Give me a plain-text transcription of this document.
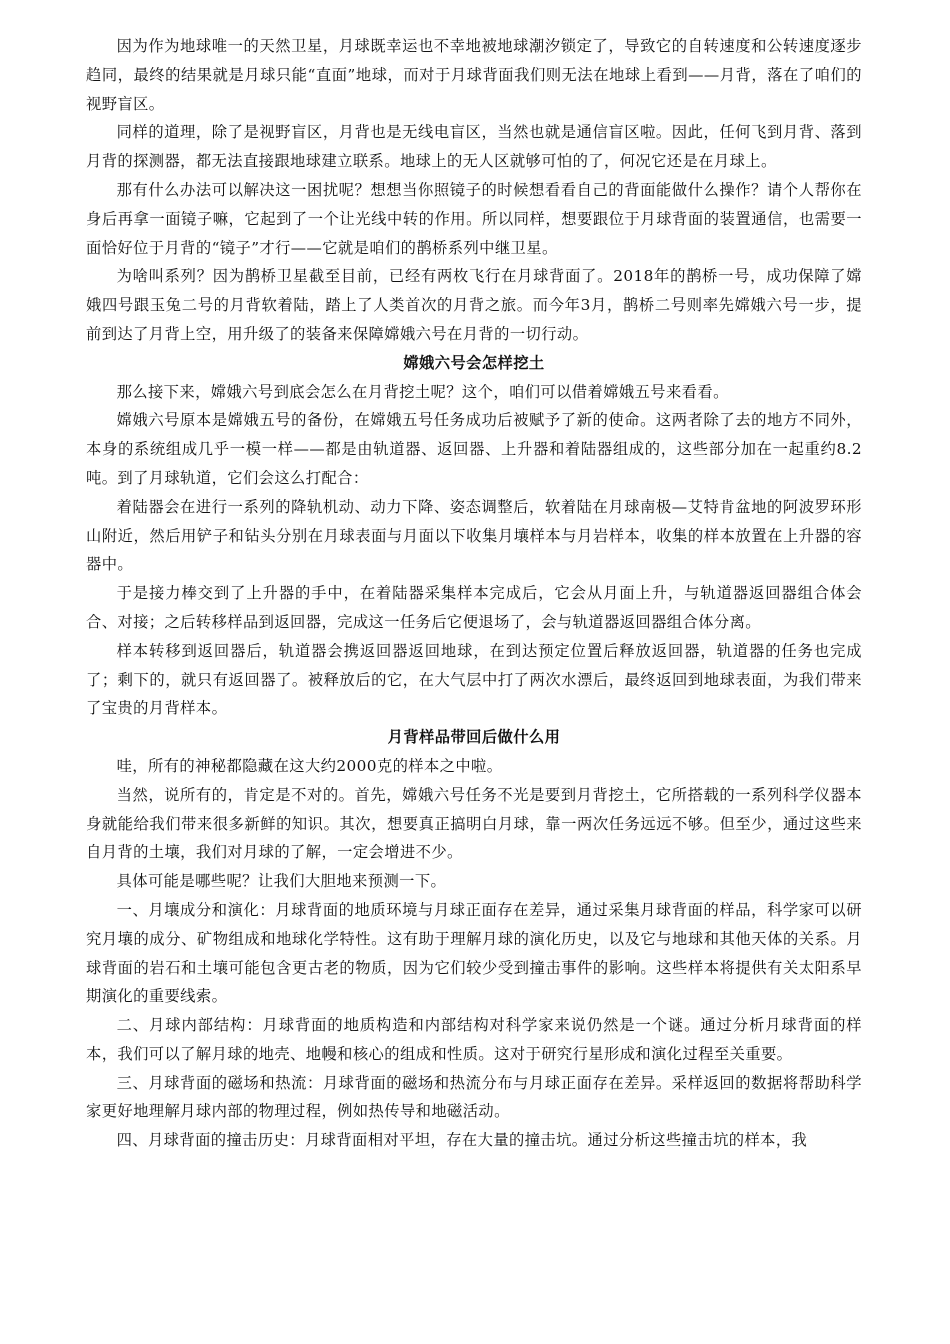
因为作为地球唯一的天然卫星，月球既幸运也不幸地被地球潮汐锁定了，导致它的自转速度和公转速度逐步趋同，最终的结果就是月球只能“直面”地球，而对于月球背面我们则无法在地球上看到——月背，落在了咱们的视野盲区。

同样的道理，除了是视野盲区，月背也是无线电盲区，当然也就是通信盲区啦。因此，任何飞到月背、落到月背的探测器，都无法直接跟地球建立联系。地球上的无人区就够可怕的了，何况它还是在月球上。

那有什么办法可以解决这一困扰呢？想想当你照镜子的时候想看看自己的背面能做什么操作？请个人帮你在身后再拿一面镜子嘛，它起到了一个让光线中转的作用。所以同样，想要跟位于月球背面的装置通信，也需要一面恰好位于月背的“镜子”才行——它就是咱们的鹊桥系列中继卫星。

为啥叫系列？因为鹊桥卫星截至目前，已经有两枚飞行在月球背面了。2018年的鹊桥一号，成功保障了嫦娥四号跟玉兔二号的月背软着陆，踏上了人类首次的月背之旅。而今年3月，鹊桥二号则率先嫦娥六号一步，提前到达了月背上空，用升级了的装备来保障嫦娥六号在月背的一切行动。

嫦娥六号会怎样挖土

那么接下来，嫦娥六号到底会怎么在月背挖土呢？这个，咱们可以借着嫦娥五号来看看。

嫦娥六号原本是嫦娥五号的备份，在嫦娥五号任务成功后被赋予了新的使命。这两者除了去的地方不同外，本身的系统组成几乎一模一样——都是由轨道器、返回器、上升器和着陆器组成的，这些部分加在一起重约8.2吨。到了月球轨道，它们会这么打配合：

着陆器会在进行一系列的降轨机动、动力下降、姿态调整后，软着陆在月球南极—艾特肯盆地的阿波罗环形山附近，然后用铲子和钻头分别在月球表面与月面以下收集月壤样本与月岩样本，收集的样本放置在上升器的容器中。

于是接力棒交到了上升器的手中，在着陆器采集样本完成后，它会从月面上升，与轨道器返回器组合体会合、对接；之后转移样品到返回器，完成这一任务后它便退场了，会与轨道器返回器组合体分离。

样本转移到返回器后，轨道器会携返回器返回地球，在到达预定位置后释放返回器，轨道器的任务也完成了；剩下的，就只有返回器了。被释放后的它，在大气层中打了两次水漂后，最终返回到地球表面，为我们带来了宝贵的月背样本。

月背样品带回后做什么用

哇，所有的神秘都隐藏在这大约2000克的样本之中啦。

当然，说所有的，肯定是不对的。首先，嫦娥六号任务不光是要到月背挖土，它所搭载的一系列科学仪器本身就能给我们带来很多新鲜的知识。其次，想要真正搞明白月球，靠一两次任务远远不够。但至少，通过这些来自月背的土壤，我们对月球的了解，一定会增进不少。

具体可能是哪些呢？让我们大胆地来预测一下。

一、月壤成分和演化：月球背面的地质环境与月球正面存在差异，通过采集月球背面的样品，科学家可以研究月壤的成分、矿物组成和地球化学特性。这有助于理解月球的演化历史，以及它与地球和其他天体的关系。月球背面的岩石和土壤可能包含更古老的物质，因为它们较少受到撞击事件的影响。这些样本将提供有关太阳系早期演化的重要线索。

二、月球内部结构：月球背面的地质构造和内部结构对科学家来说仍然是一个谜。通过分析月球背面的样本，我们可以了解月球的地壳、地幔和核心的组成和性质。这对于研究行星形成和演化过程至关重要。

三、月球背面的磁场和热流：月球背面的磁场和热流分布与月球正面存在差异。采样返回的数据将帮助科学家更好地理解月球内部的物理过程，例如热传导和地磁活动。

四、月球背面的撞击历史：月球背面相对平坦，存在大量的撞击坑。通过分析这些撞击坑的样本，我
